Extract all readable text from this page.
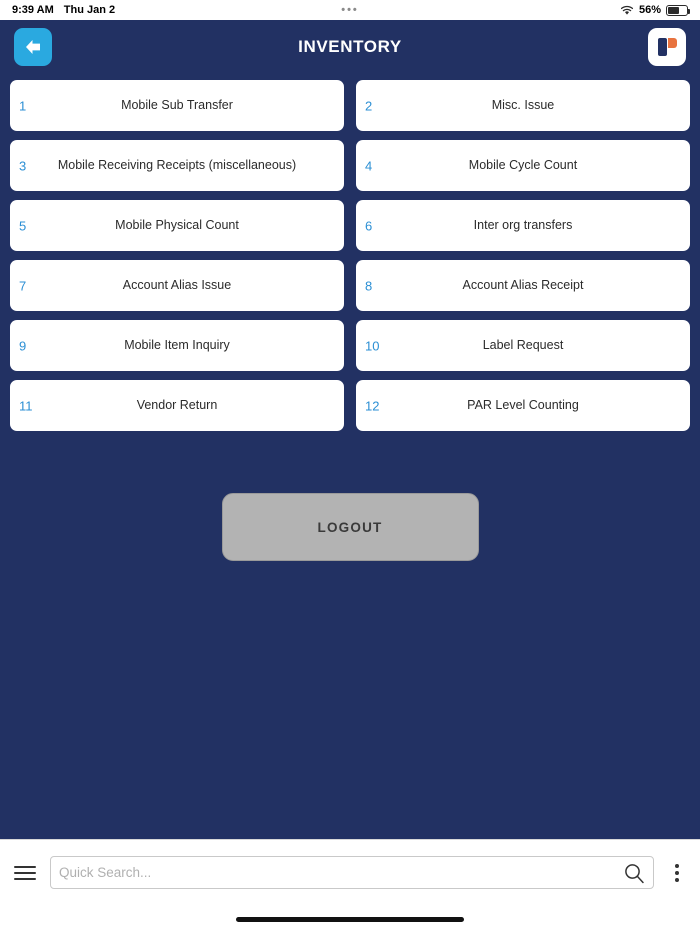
9:39 AM Thu Jan 2	•••	56%
INVENTORY
1	Mobile Sub Transfer	2	Misc. Issue
3	Mobile Receiving Receipts (miscellaneous)	4	Mobile Cycle Count
5	Mobile Physical Count	6	Inter org transfers
7	Account Alias Issue	8	Account Alias Receipt
9	Mobile Item Inquiry	10	Label Request
11	Vendor Return	12	PAR Level Counting
LOGOUT
Quick Search...
